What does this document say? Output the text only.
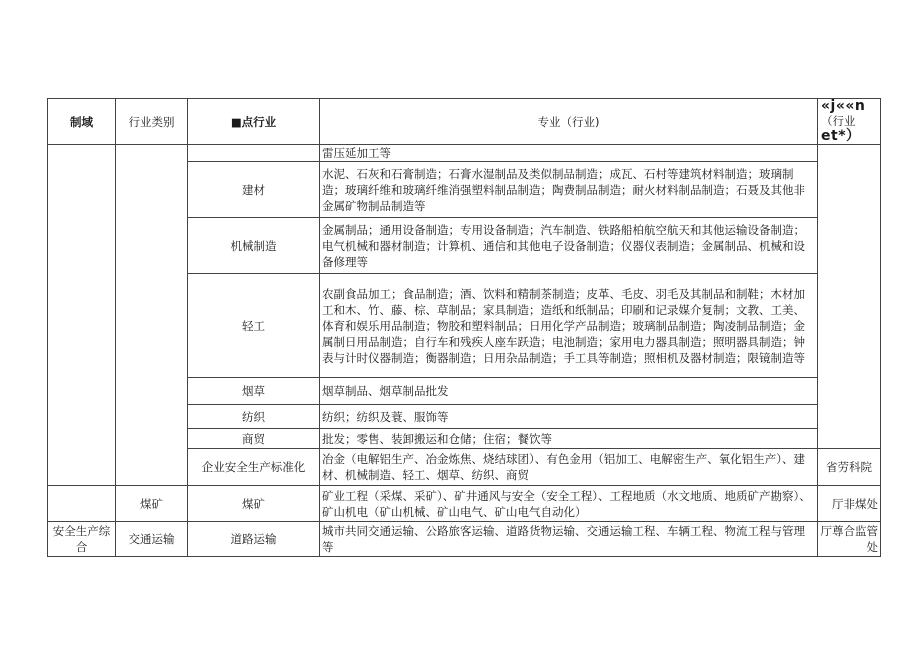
制域	行业类别	■点行业	专业（行业)	«j««n（行业
et*）
			雷压延加工等	
		建材	水泥、石灰和石膏制造；石膏水湿制品及类似制品制造；成瓦、石村等建筑材料制造；玻璃制造；玻璃纤维和玻璃纤维消强塑料制品制造；陶费制品制造；耐火材料制品制造；石聂及其他非金属矿物制品制造等	
		机械制造	金属制品；通用设备制造；专用设备制造；汽车制造、铁路船柏航空航天和其他运输设备制造；电气机械和器材制造；计算机、通信和其他电子设备制造；仪器仪表制造；金属制品、机械和设备修理等	
		轻工	农副食品加工；食品制造；酒、饮料和精制茶制造；皮革、毛皮、羽毛及其制品和制鞋；木材加工和木、竹、藤、棕、草制品；家具制造；造纸和纸制品；印刷和记录媒介复制；文教、工美、体育和娱乐用品制造；物胶和塑料制品；日用化学产品制造；玻璃制品制造；陶凌制品制造；金属制日用品制造；自行车和残疾人座车跃造；电池制造；家用电力器具制造；照明器具制造；钟表与计时仪器制造；衡器制造；日用杂品制造；手工具等制造；照相机及器材制造；限镜制造等	
		烟草	烟草制品、烟草制品批发	
		纺织	纺织；纺织及蓑、服饰等	
		商贸	批发；零售、装卸搬运和仓储；住宿；餐饮等	
		企业安全生产标准化	冶金（电解铝生产、冶金炼焦、烧结球团）、有色金用（铝加工、电解密生产、氧化铝生产）、建材、机械制造、轻工、烟草、纺织、商贸	省劳科院
	煤矿	煤矿	矿业工程（采煤、采矿）、矿井通风与安全（安全工程）、工程地质（水文地质、地质矿产勘察）、矿山机电（矿山机械、矿山电气、矿山电气自动化）	厅非煤处
安全生产综合	交通运输	道路运输	城市共同交通运输、公路旅客运输、道路货物运输、交通运输工程、车辆工程、物流工程与管理等	厅尊合监管处
